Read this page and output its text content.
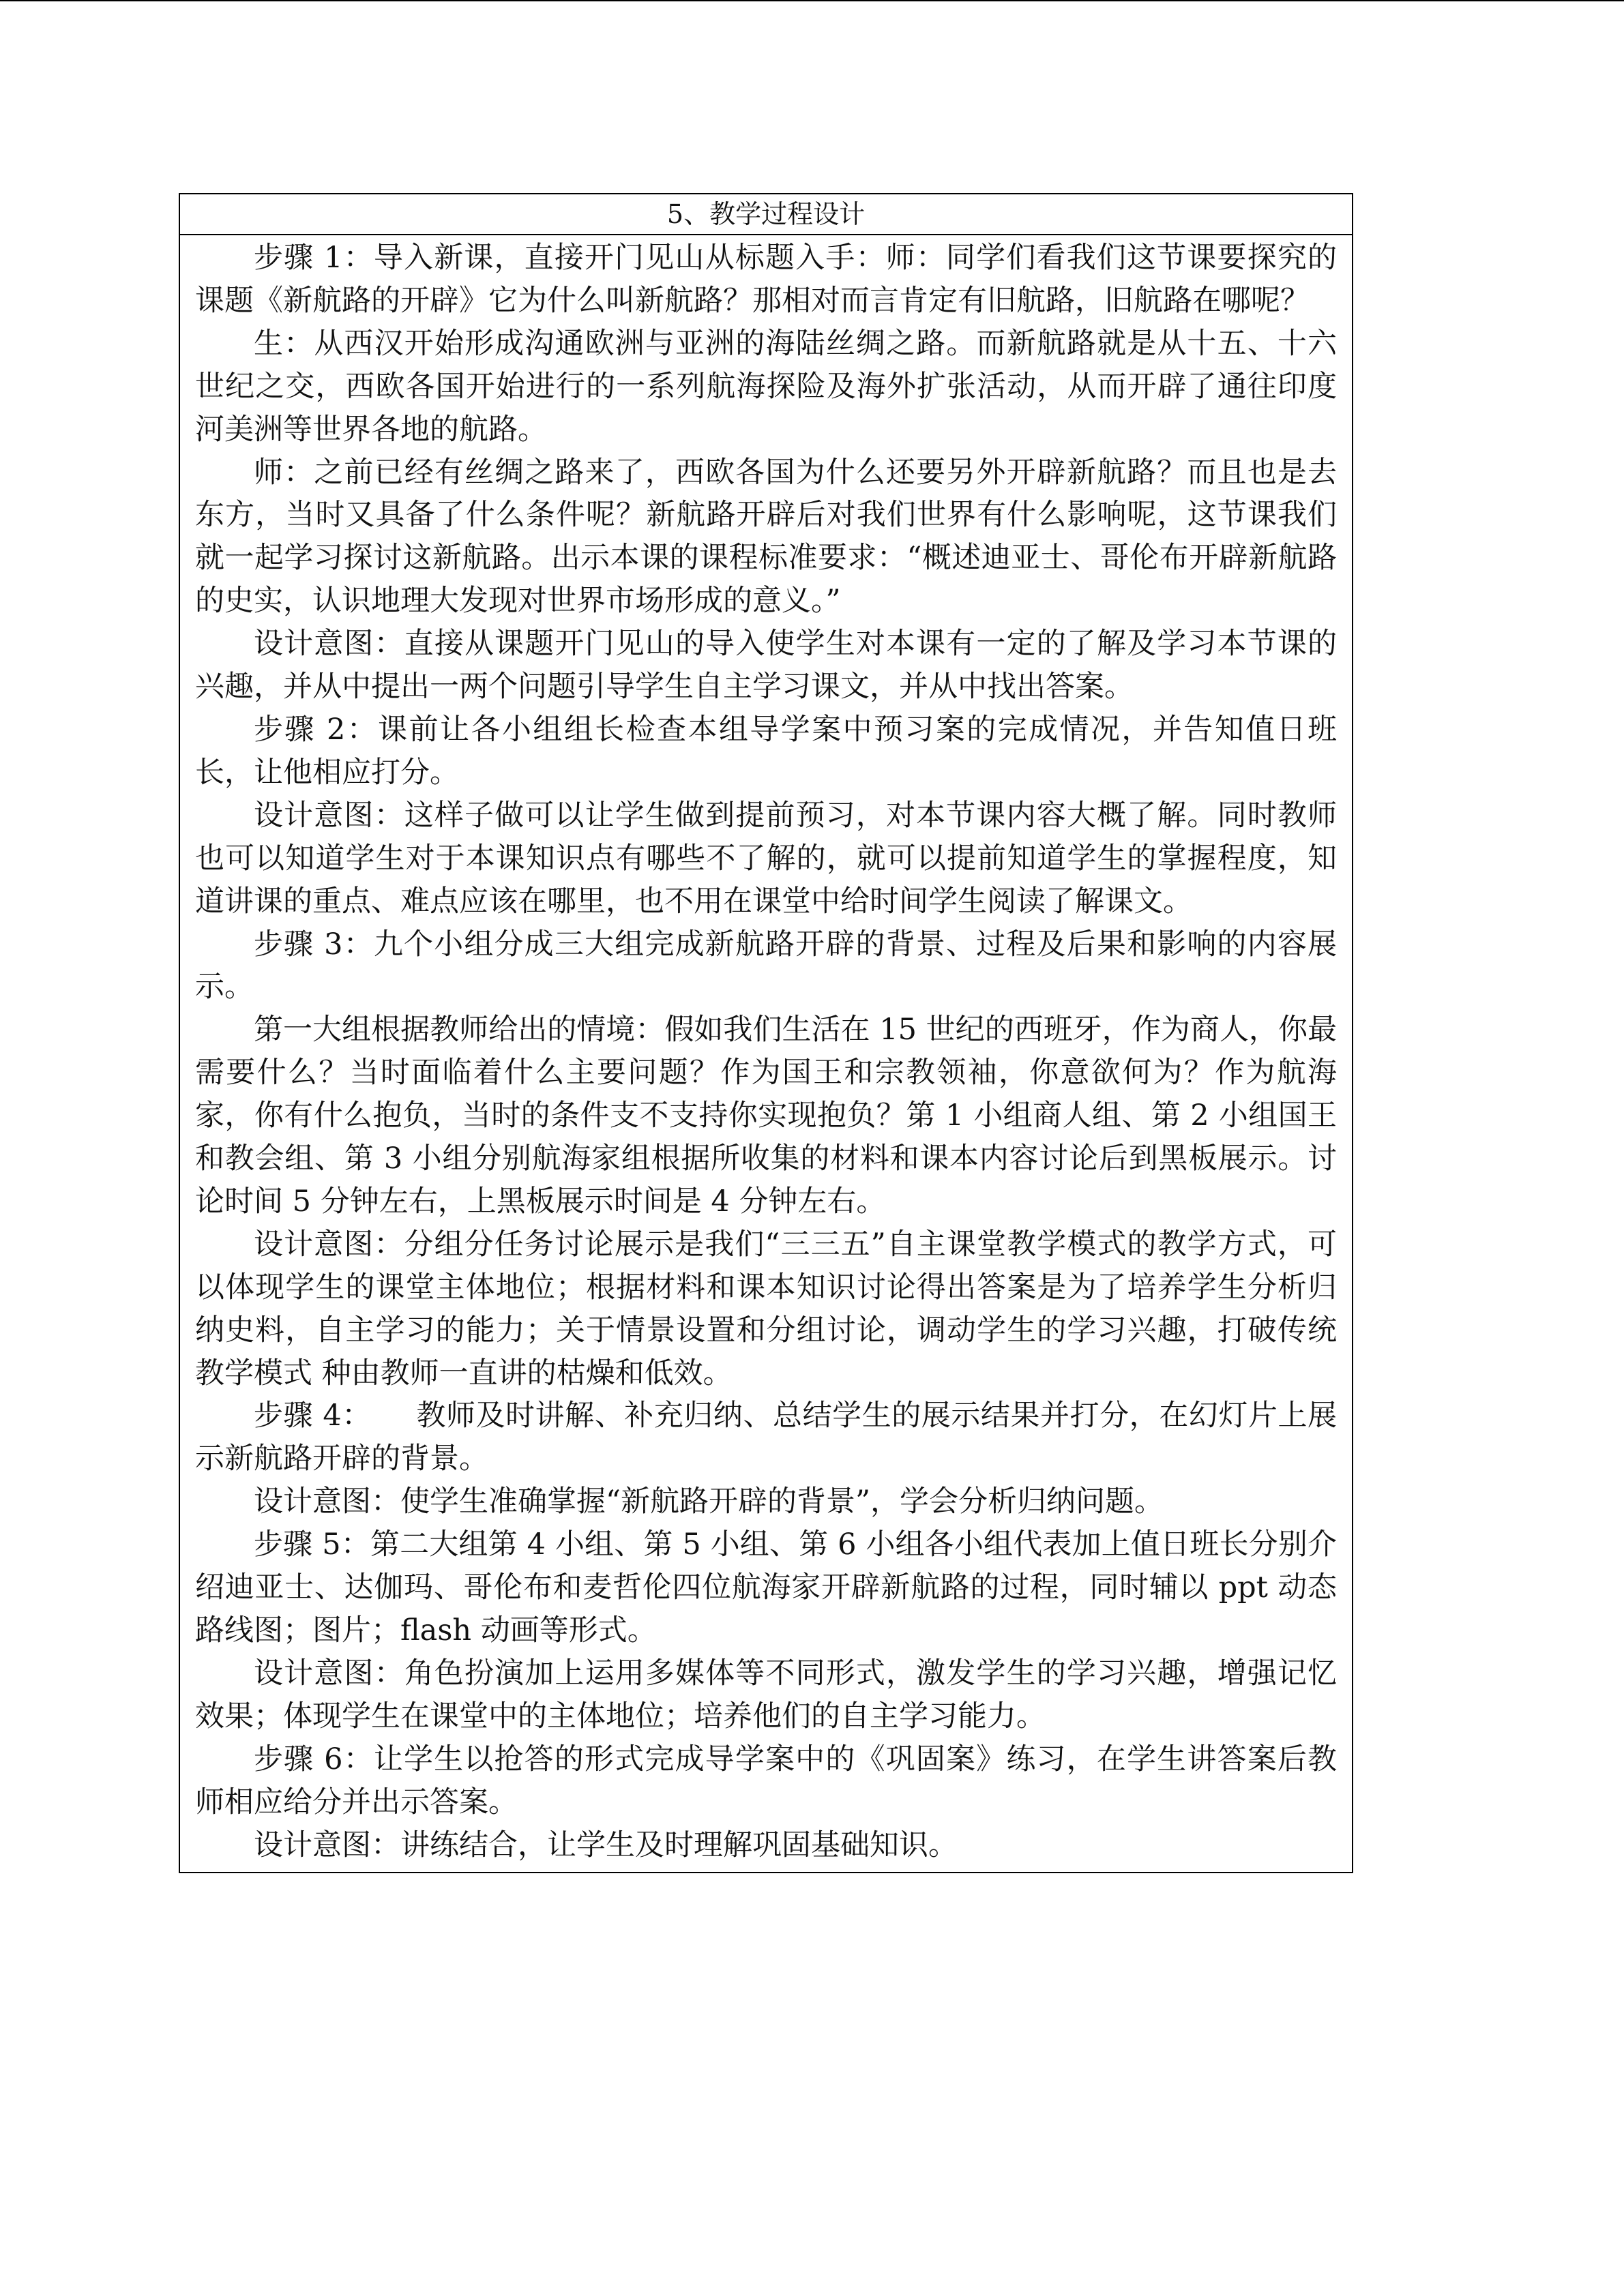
5、教学过程设计

步骤 1：导入新课，直接开门见山从标题入手：师：同学们看我们这节课要探究的课题《新航路的开辟》它为什么叫新航路？那相对而言肯定有旧航路，旧航路在哪呢？

生：从西汉开始形成沟通欧洲与亚洲的海陆丝绸之路。而新航路就是从十五、十六世纪之交，西欧各国开始进行的一系列航海探险及海外扩张活动，从而开辟了通往印度河美洲等世界各地的航路。

师：之前已经有丝绸之路来了，西欧各国为什么还要另外开辟新航路？而且也是去东方，当时又具备了什么条件呢？新航路开辟后对我们世界有什么影响呢，这节课我们就一起学习探讨这新航路。出示本课的课程标准要求：“概述迪亚士、哥伦布开辟新航路的史实，认识地理大发现对世界市场形成的意义。”

设计意图：直接从课题开门见山的导入使学生对本课有一定的了解及学习本节课的兴趣，并从中提出一两个问题引导学生自主学习课文，并从中找出答案。

步骤 2：课前让各小组组长检查本组导学案中预习案的完成情况，并告知值日班长，让他相应打分。

设计意图：这样子做可以让学生做到提前预习，对本节课内容大概了解。同时教师也可以知道学生对于本课知识点有哪些不了解的，就可以提前知道学生的掌握程度，知道讲课的重点、难点应该在哪里，也不用在课堂中给时间学生阅读了解课文。

步骤 3：九个小组分成三大组完成新航路开辟的背景、过程及后果和影响的内容展示。

第一大组根据教师给出的情境：假如我们生活在 15 世纪的西班牙，作为商人，你最需要什么？当时面临着什么主要问题？作为国王和宗教领袖，你意欲何为？作为航海家，你有什么抱负，当时的条件支不支持你实现抱负？第 1 小组商人组、第 2 小组国王和教会组、第 3 小组分别航海家组根据所收集的材料和课本内容讨论后到黑板展示。讨论时间 5 分钟左右，上黑板展示时间是 4 分钟左右。

设计意图：分组分任务讨论展示是我们“三三五”自主课堂教学模式的教学方式，可以体现学生的课堂主体地位；根据材料和课本知识讨论得出答案是为了培养学生分析归纳史料，自主学习的能力；关于情景设置和分组讨论，调动学生的学习兴趣，打破传统教学模式 种由教师一直讲的枯燥和低效。

步骤 4：　　教师及时讲解、补充归纳、总结学生的展示结果并打分，在幻灯片上展示新航路开辟的背景。

设计意图：使学生准确掌握“新航路开辟的背景”，学会分析归纳问题。

步骤 5：第二大组第 4 小组、第 5 小组、第 6 小组各小组代表加上值日班长分别介绍迪亚士、达伽玛、哥伦布和麦哲伦四位航海家开辟新航路的过程，同时辅以 ppt 动态路线图；图片；flash 动画等形式。

设计意图：角色扮演加上运用多媒体等不同形式，激发学生的学习兴趣，增强记忆效果；体现学生在课堂中的主体地位；培养他们的自主学习能力。

步骤 6：让学生以抢答的形式完成导学案中的《巩固案》练习，在学生讲答案后教师相应给分并出示答案。

设计意图：讲练结合，让学生及时理解巩固基础知识。
